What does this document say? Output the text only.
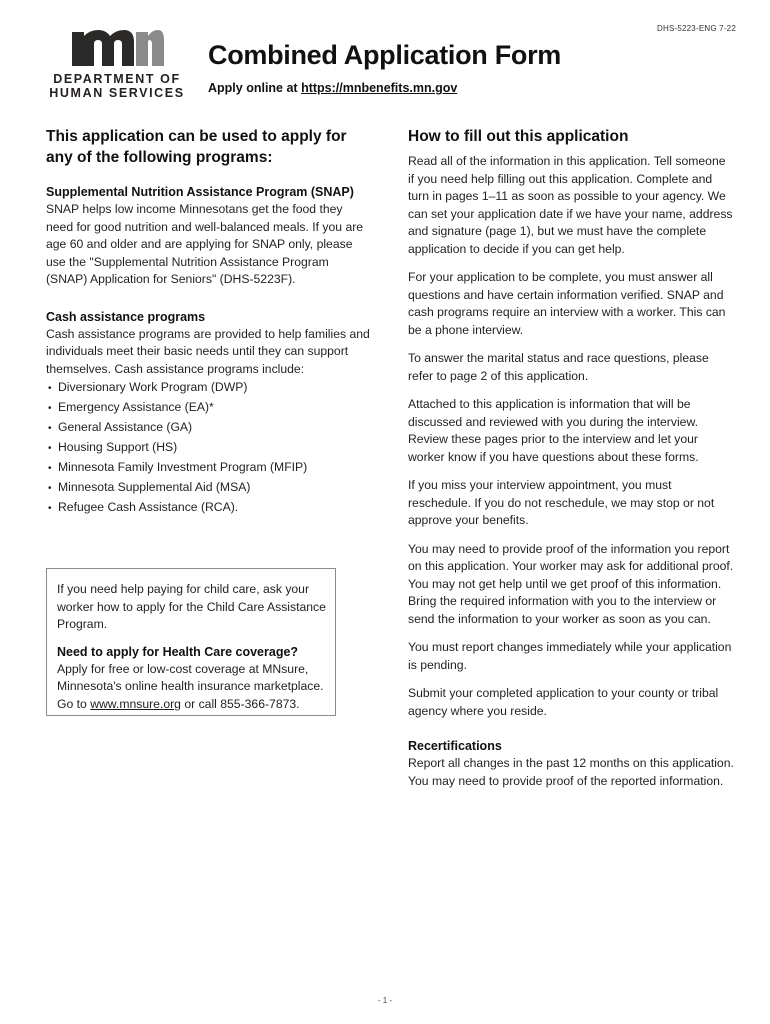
DHS-5223-ENG 7-22
DEPARTMENT OF
HUMAN SERVICES
Combined Application Form
Apply online at https://mnbenefits.mn.gov
This application can be used to apply for any of the following programs:
Supplemental Nutrition Assistance Program (SNAP)
SNAP helps low income Minnesotans get the food they need for good nutrition and well-balanced meals. If you are age 60 and older and are applying for SNAP only, please use the "Supplemental Nutrition Assistance Program (SNAP) Application for Seniors" (DHS-5223F).
Cash assistance programs
Cash assistance programs are provided to help families and individuals meet their basic needs until they can support themselves. Cash assistance programs include:
• Diversionary Work Program (DWP)
• Emergency Assistance (EA)*
• General Assistance (GA)
• Housing Support (HS)
• Minnesota Family Investment Program (MFIP)
• Minnesota Supplemental Aid (MSA)
• Refugee Cash Assistance (RCA).
If you need help paying for child care, ask your worker how to apply for the Child Care Assistance Program.
Need to apply for Health Care coverage?
Apply for free or low-cost coverage at MNsure, Minnesota's online health insurance marketplace.
Go to www.mnsure.org or call 855-366-7873.
How to fill out this application
Read all of the information in this application. Tell someone if you need help filling out this application. Complete and turn in pages 1–11 as soon as possible to your agency. We can set your application date if we have your name, address and signature (page 1), but we must have the complete application to decide if you can get help.
For your application to be complete, you must answer all questions and have certain information verified. SNAP and cash programs require an interview with a worker. This can be a phone interview.
To answer the marital status and race questions, please refer to page 2 of this application.
Attached to this application is information that will be discussed and reviewed with you during the interview. Review these pages prior to the interview and let your worker know if you have questions about these forms.
If you miss your interview appointment, you must reschedule. If you do not reschedule, we may stop or not approve your benefits.
You may need to provide proof of the information you report on this application. Your worker may ask for additional proof. You may not get help until we get proof of this information. Bring the required information with you to the interview or send the information to your worker as soon as you can.
You must report changes immediately while your application is pending.
Submit your completed application to your county or tribal agency where you reside.
Recertifications
Report all changes in the past 12 months on this application. You may need to provide proof of the reported information.
- 1 -
